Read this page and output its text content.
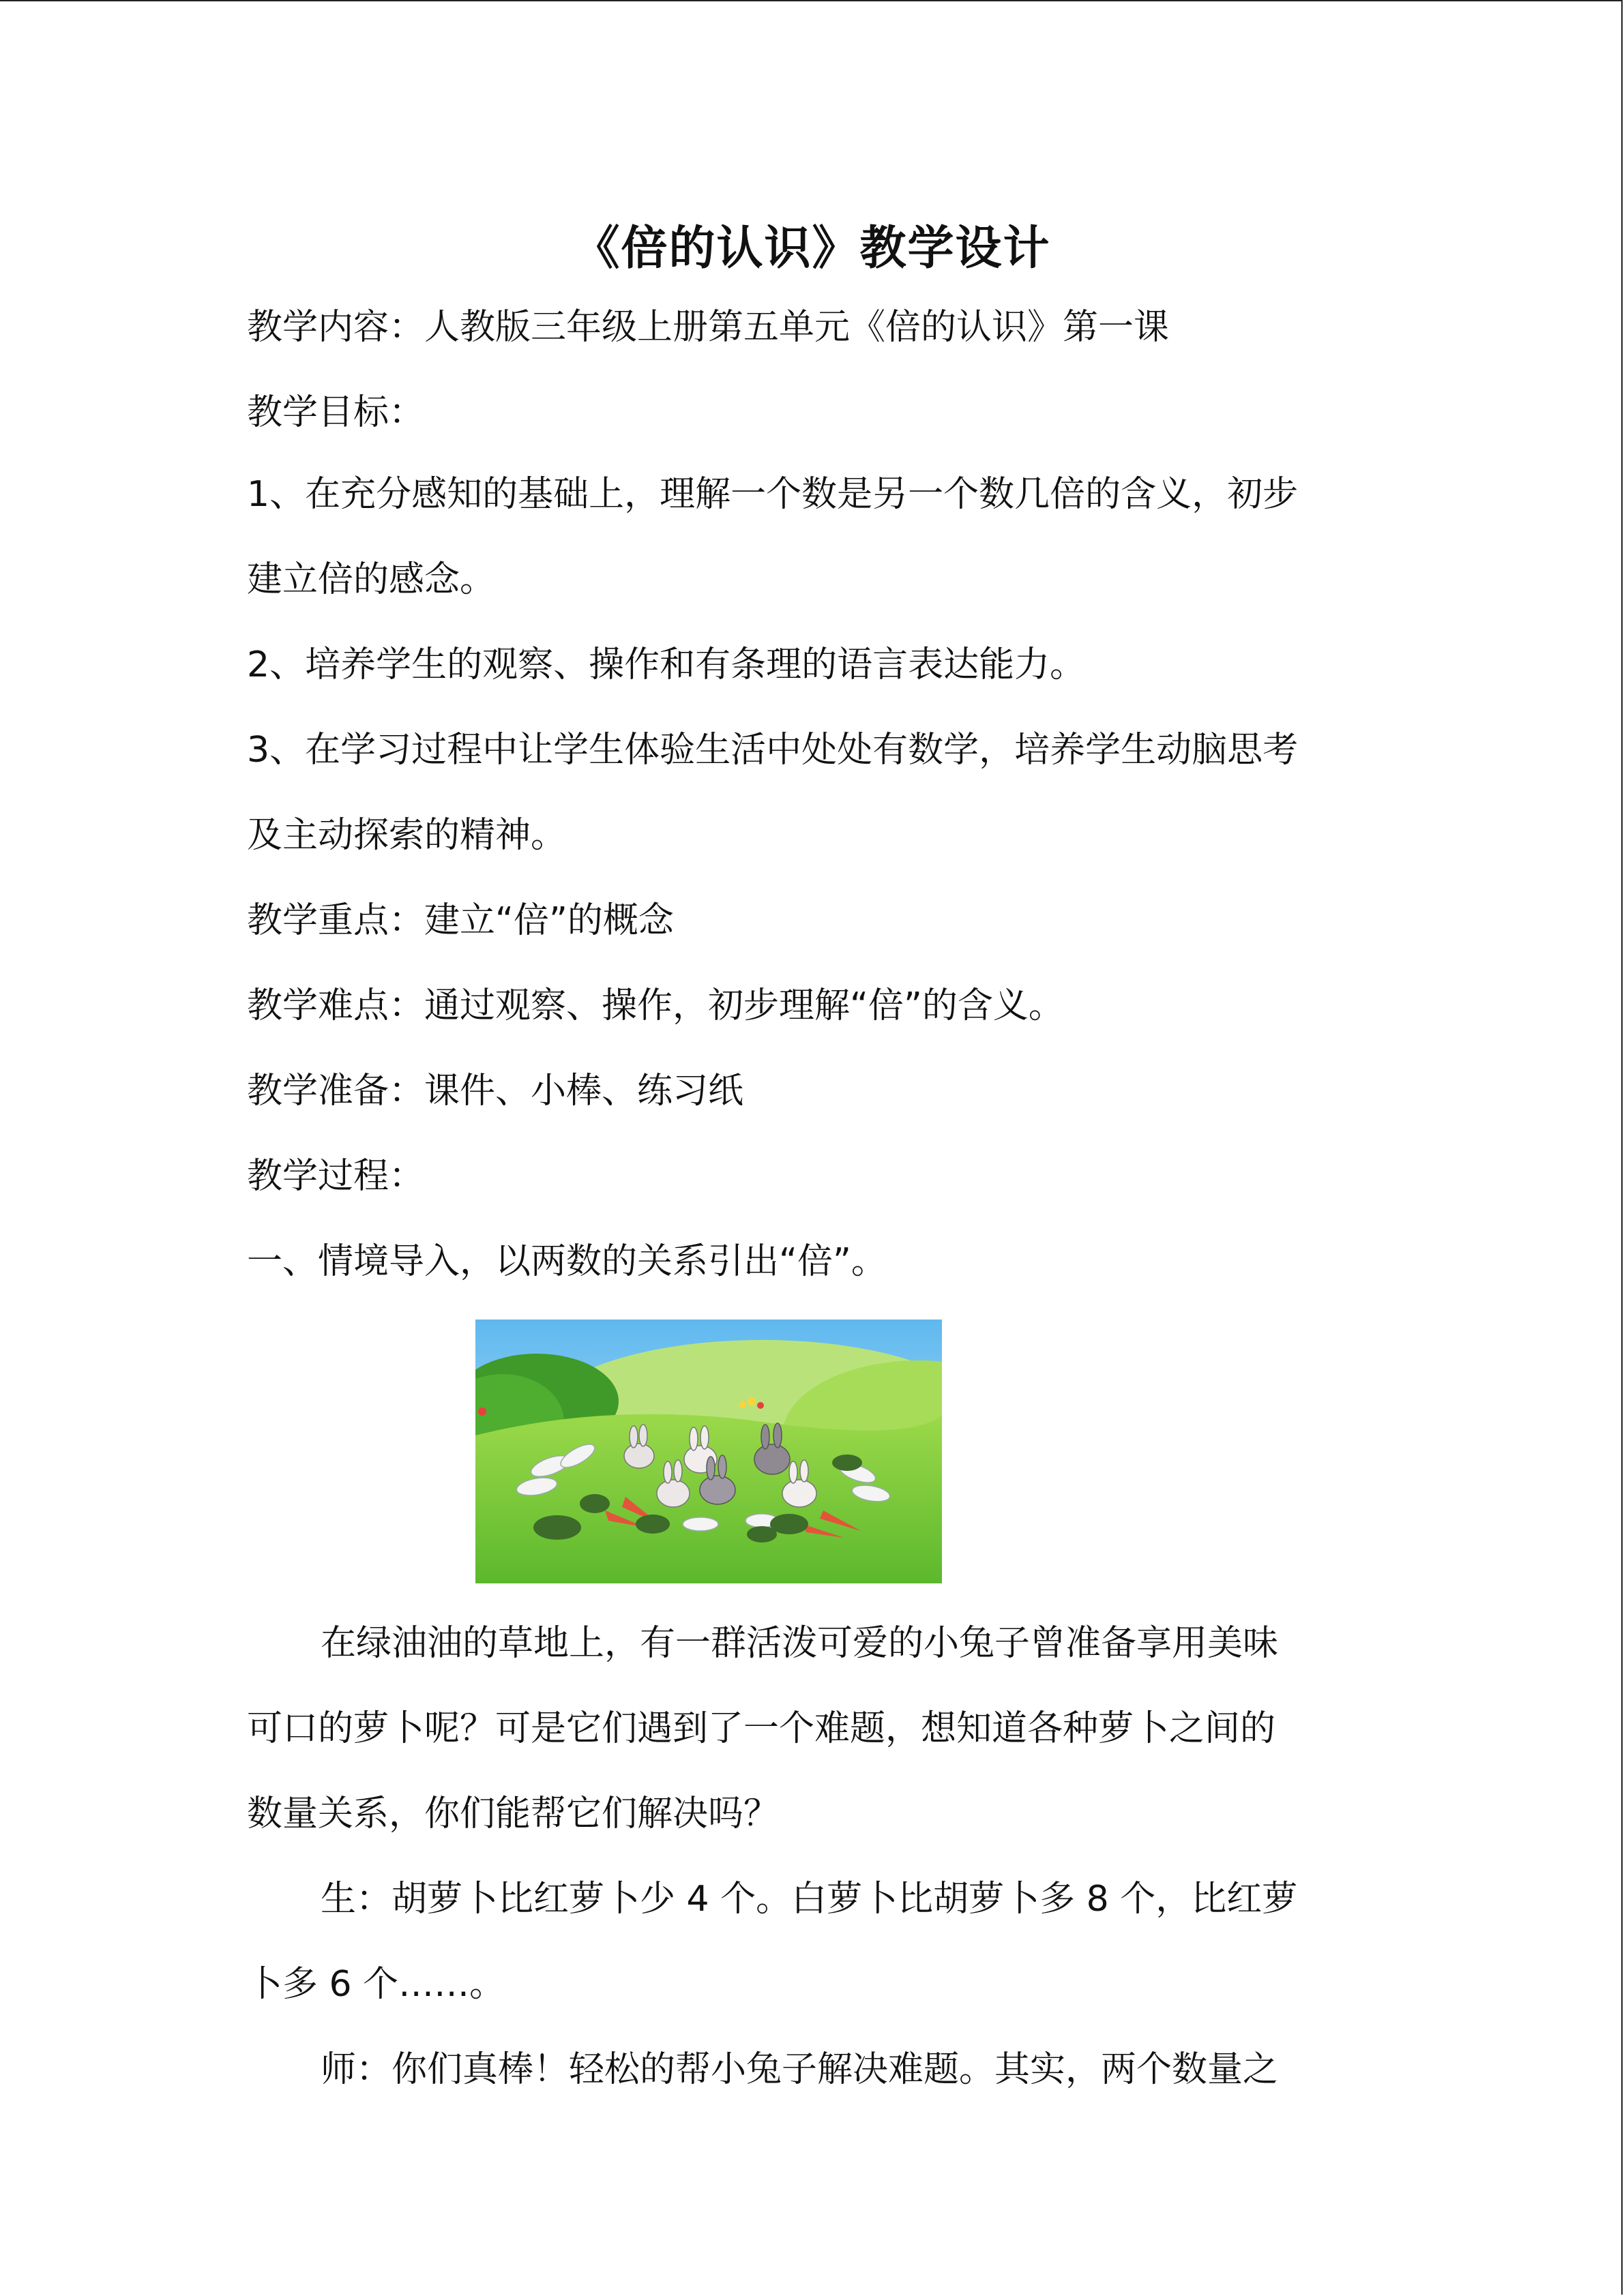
《倍的认识》教学设计
教学内容：人教版三年级上册第五单元《倍的认识》第一课
教学目标：
1、在充分感知的基础上，理解一个数是另一个数几倍的含义，初步
建立倍的感念。
2、培养学生的观察、操作和有条理的语言表达能力。
3、在学习过程中让学生体验生活中处处有数学，培养学生动脑思考
及主动探索的精神。
教学重点：建立“倍”的概念
教学难点：通过观察、操作，初步理解“倍”的含义。
教学准备：课件、小棒、练习纸
教学过程：
一、情境导入，以两数的关系引出“倍”。
在绿油油的草地上，有一群活泼可爱的小兔子曾准备享用美味
可口的萝卜呢？可是它们遇到了一个难题，想知道各种萝卜之间的
数量关系，你们能帮它们解决吗？
生：胡萝卜比红萝卜少 4 个。白萝卜比胡萝卜多 8 个，比红萝
卜多 6 个……。
师：你们真棒！轻松的帮小兔子解决难题。其实，两个数量之
